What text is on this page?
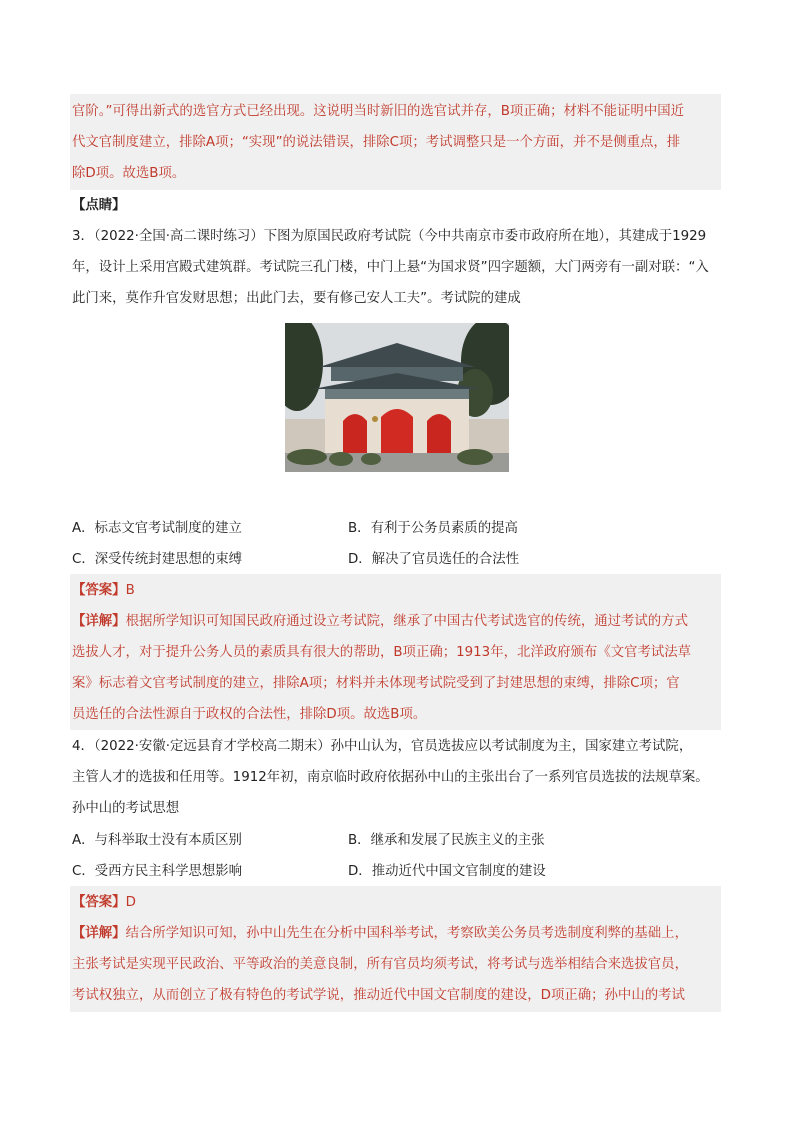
官阶。”可得出新式的选官方式已经出现。这说明当时新旧的选官试并存，B项正确；材料不能证明中国近
代文官制度建立，排除A项；“实现”的说法错误，排除C项；考试调整只是一个方面，并不是侧重点，排
除D项。故选B项。
【点睛】
3．（2022·全国·高二课时练习）下图为原国民政府考试院（今中共南京市委市政府所在地），其建成于1929
年，设计上采用宫殿式建筑群。考试院三孔门楼，中门上悬“为国求贤”四字题额，大门两旁有一副对联：“入
此门来，莫作升官发财思想；出此门去，要有修己安人工夫”。考试院的建成
A．标志文官考试制度的建立	B．有利于公务员素质的提高
C．深受传统封建思想的束缚	D．解决了官员选任的合法性
【答案】B
【详解】根据所学知识可知国民政府通过设立考试院，继承了中国古代考试选官的传统，通过考试的方式
选拔人才，对于提升公务人员的素质具有很大的帮助，B项正确；1913年，北洋政府颁布《文官考试法草
案》标志着文官考试制度的建立，排除A项；材料并未体现考试院受到了封建思想的束缚，排除C项；官
员选任的合法性源自于政权的合法性，排除D项。故选B项。
4．（2022·安徽·定远县育才学校高二期末）孙中山认为，官员选拔应以考试制度为主，国家建立考试院，
主管人才的选拔和任用等。1912年初，南京临时政府依据孙中山的主张出台了一系列官员选拔的法规草案。
孙中山的考试思想
A．与科举取士没有本质区别	B．继承和发展了民族主义的主张
C．受西方民主科学思想影响	D．推动近代中国文官制度的建设
【答案】D
【详解】结合所学知识可知，孙中山先生在分析中国科举考试，考察欧美公务员考选制度利弊的基础上，
主张考试是实现平民政治、平等政治的美意良制，所有官员均须考试，将考试与选举相结合来选拔官员，
考试权独立，从而创立了极有特色的考试学说，推动近代中国文官制度的建设，D项正确；孙中山的考试
